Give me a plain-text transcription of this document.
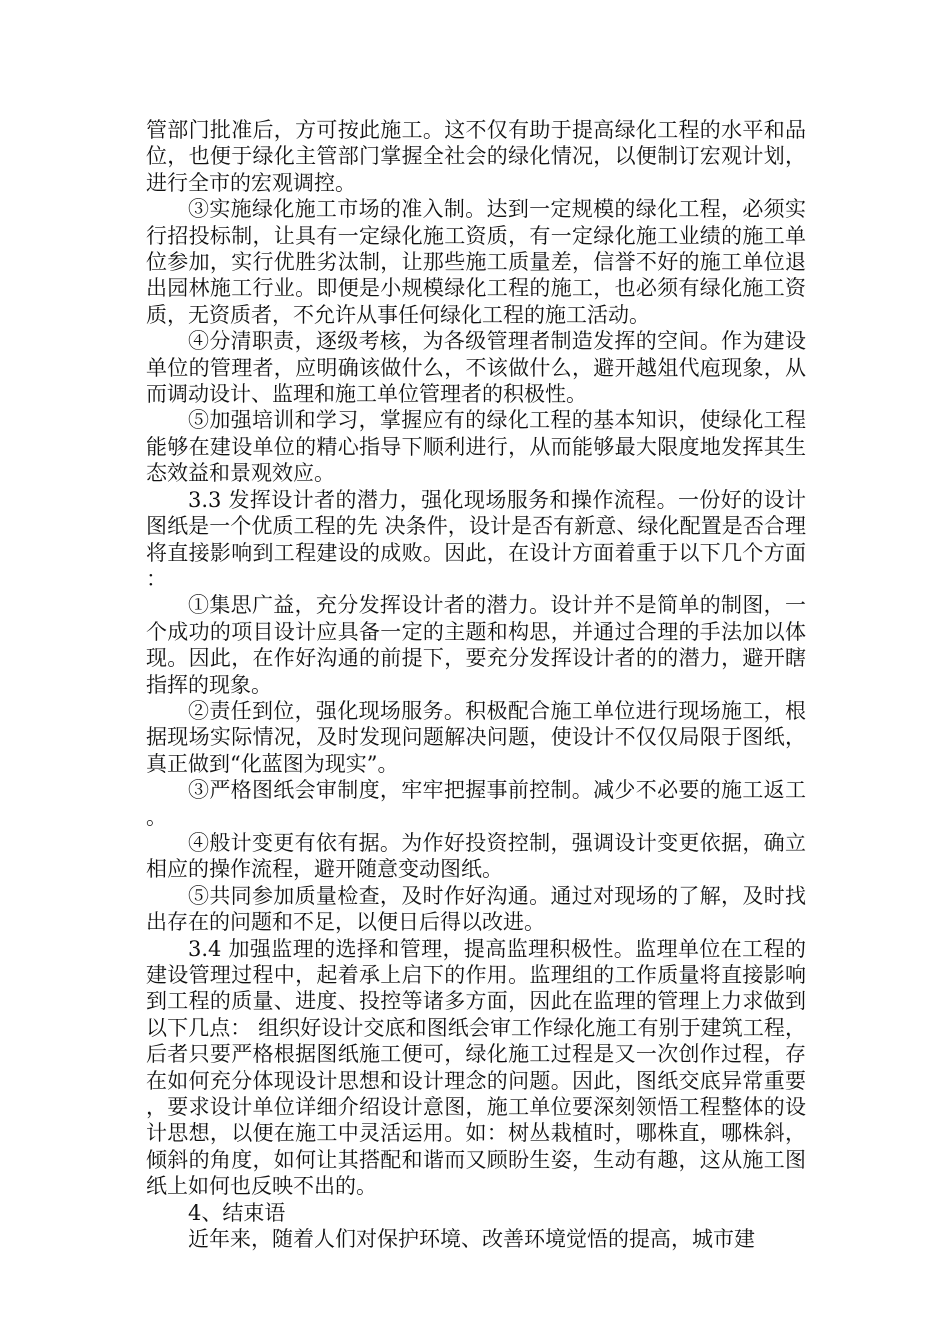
管部门批准后，方可按此施工。这不仅有助于提高绿化工程的水平和品位，也便于绿化主管部门掌握全社会的绿化情况，以便制订宏观计划，进行全市的宏观调控。

③实施绿化施工市场的准入制。达到一定规模的绿化工程，必须实行招投标制，让具有一定绿化施工资质，有一定绿化施工业绩的施工单位参加，实行优胜劣汰制，让那些施工质量差，信誉不好的施工单位退出园林施工行业。即便是小规模绿化工程的施工，也必须有绿化施工资质，无资质者，不允许从事任何绿化工程的施工活动。

④分清职责，逐级考核，为各级管理者制造发挥的空间。作为建设单位的管理者，应明确该做什么，不该做什么，避开越俎代庖现象，从而调动设计、监理和施工单位管理者的积极性。

⑤加强培训和学习，掌握应有的绿化工程的基本知识，使绿化工程能够在建设单位的精心指导下顺利进行，从而能够最大限度地发挥其生态效益和景观效应。

3.3 发挥设计者的潜力，强化现场服务和操作流程。一份好的设计图纸是一个优质工程的先 决条件，设计是否有新意、绿化配置是否合理将直接影响到工程建设的成败。因此，在设计方面着重于以下几个方面：

①集思广益，充分发挥设计者的潜力。设计并不是简单的制图，一个成功的项目设计应具备一定的主题和构思，并通过合理的手法加以体现。因此，在作好沟通的前提下，要充分发挥设计者的的潜力，避开瞎指挥的现象。

②责任到位，强化现场服务。积极配合施工单位进行现场施工，根据现场实际情况，及时发现问题解决问题，使设计不仅仅局限于图纸，真正做到“化蓝图为现实”。

③严格图纸会审制度，牢牢把握事前控制。减少不必要的施工返工。

④般计变更有依有据。为作好投资控制，强调设计变更依据，确立相应的操作流程，避开随意变动图纸。

⑤共同参加质量检查，及时作好沟通。通过对现场的了解，及时找出存在的问题和不足，以便日后得以改进。

3.4 加强监理的选择和管理，提高监理积极性。监理单位在工程的建设管理过程中，起着承上启下的作用。监理组的工作质量将直接影响到工程的质量、进度、投控等诸多方面，因此在监理的管理上力求做到以下几点： 组织好设计交底和图纸会审工作绿化施工有别于建筑工程，后者只要严格根据图纸施工便可，绿化施工过程是又一次创作过程，存在如何充分体现设计思想和设计理念的问题。因此，图纸交底异常重要，要求设计单位详细介绍设计意图，施工单位要深刻领悟工程整体的设计思想，以便在施工中灵活运用。如：树丛栽植时，哪株直，哪株斜，倾斜的角度，如何让其搭配和谐而又顾盼生姿，生动有趣，这从施工图纸上如何也反映不出的。

4、结束语

近年来，随着人们对保护环境、改善环境觉悟的提高，城市建
